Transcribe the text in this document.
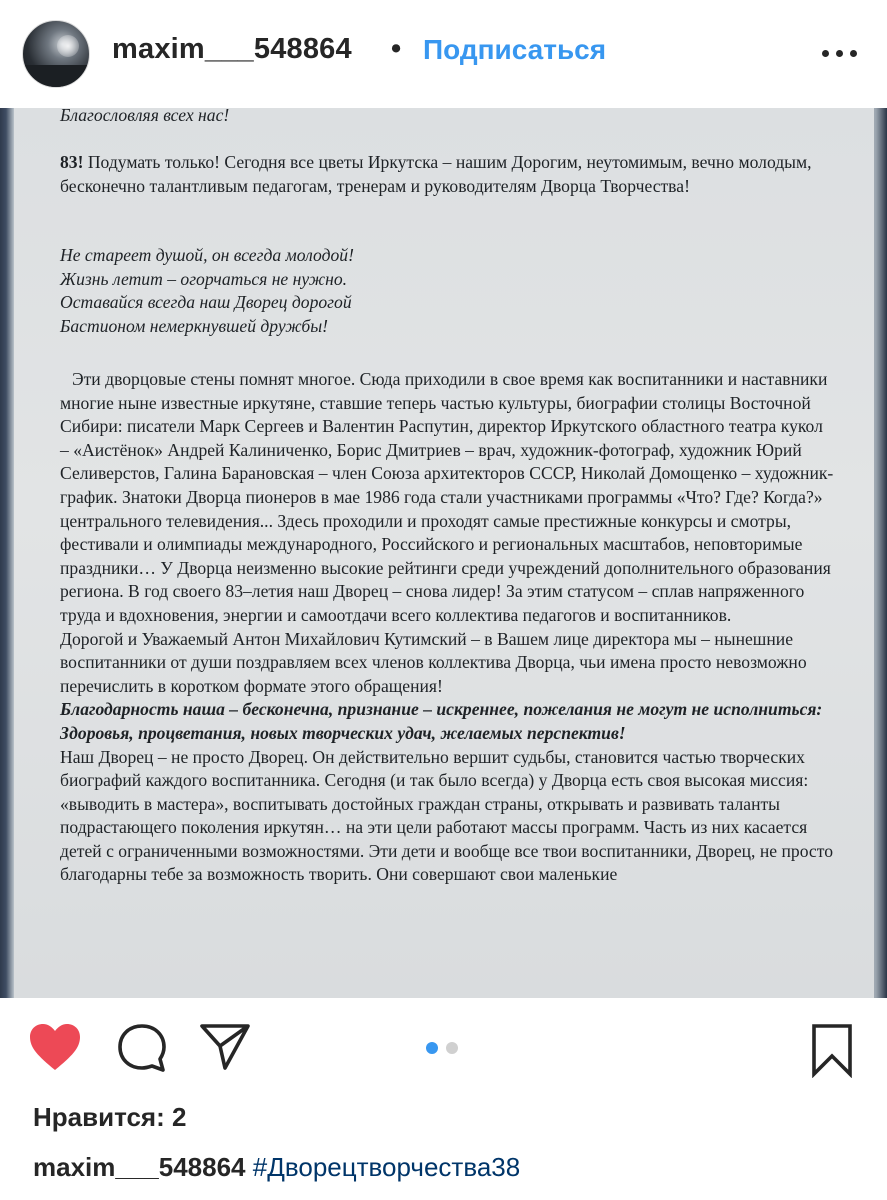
maxim___548864 • Подписаться
Благословляя всех нас!

83! Подумать только! Сегодня все цветы Иркутска – нашим Дорогим, неутомимым, вечно молодым, бесконечно талантливым педагогам, тренерам и руководителям Дворца Творчества!

Не стареет душой, он всегда молодой!
Жизнь летит – огорчаться не нужно.
Оставайся всегда наш Дворец дорогой
Бастионом немеркнувшей дружбы!

Эти дворцовые стены помнят многое. Сюда приходили в свое время как воспитанники и наставники многие ныне известные иркутяне, ставшие теперь частью культуры, биографии столицы Восточной Сибири: писатели Марк Сергеев и Валентин Распутин, директор Иркутского областного театра кукол – «Аистёнок» Андрей Калиниченко, Борис Дмитриев – врач, художник-фотограф, художник Юрий Селиверстов, Галина Барановская – член Союза архитекторов СССР, Николай Домощенко – художник-график. Знатоки Дворца пионеров в мае 1986 года стали участниками программы «Что? Где? Когда?» центрального телевидения... Здесь проходили и проходят самые престижные конкурсы и смотры, фестивали и олимпиады международного, Российского и региональных масштабов, неповторимые праздники… У Дворца неизменно высокие рейтинги среди учреждений дополнительного образования региона. В год своего 83–летия наш Дворец – снова лидер! За этим статусом – сплав напряженного труда и вдохновения, энергии и самоотдачи всего коллектива педагогов и воспитанников.

Дорогой и Уважаемый Антон Михайлович Кутимский – в Вашем лице директора мы – нынешние воспитанники от души поздравляем всех членов коллектива Дворца, чьи имена просто невозможно перечислить в коротком формате этого обращения!

Благодарность наша – бесконечна, признание – искреннее, пожелания не могут не исполниться: Здоровья, процветания, новых творческих удач, желаемых перспектив!

Наш Дворец – не просто Дворец. Он действительно вершит судьбы, становится частью творческих биографий каждого воспитанника. Сегодня (и так было всегда) у Дворца есть своя высокая миссия: «выводить в мастера», воспитывать достойных граждан страны, открывать и развивать таланты подрастающего поколения иркутян… на эти цели работают массы программ. Часть из них касается детей с ограниченными возможностями. Эти дети и вообще все твои воспитанники, Дворец, не просто благодарны тебе за возможность творить. Они совершают свои маленькие

Нравится: 2
maxim___548864 #Дворецтворчества38
